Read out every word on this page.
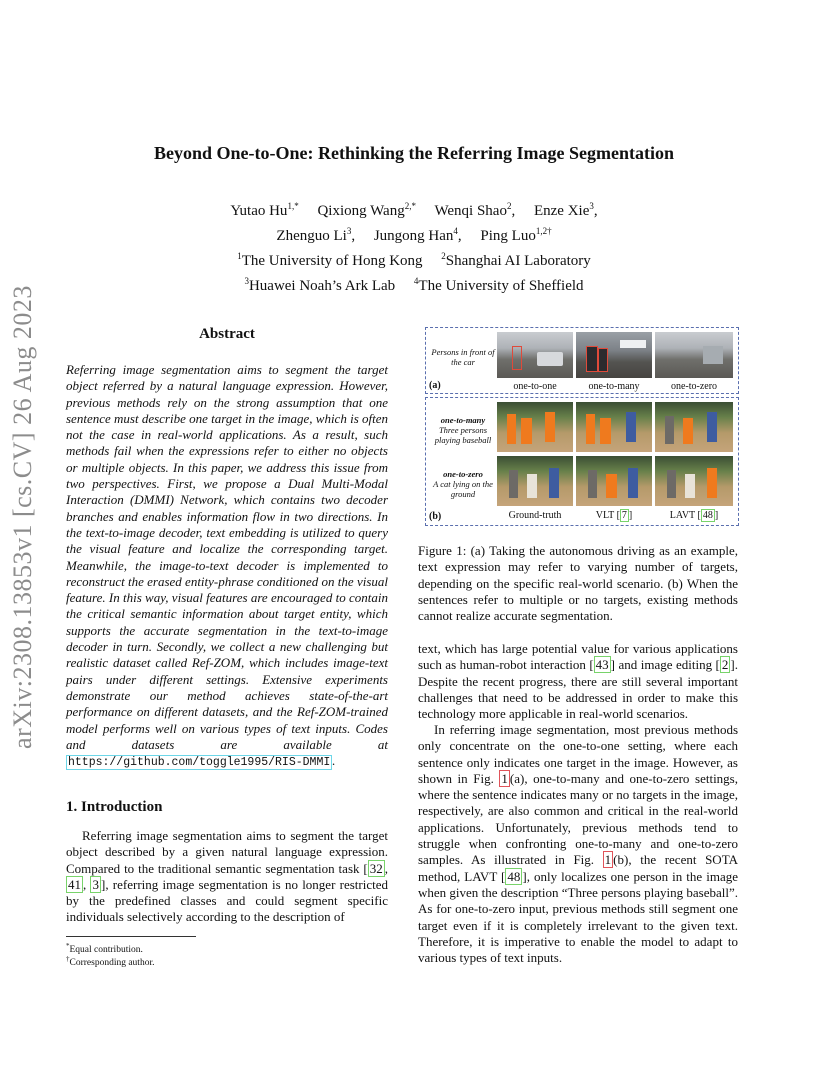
arXiv:2308.13853v1 [cs.CV] 26 Aug 2023
Beyond One-to-One: Rethinking the Referring Image Segmentation
Yutao $Hu^{1,*}$ Qixiong Wang$^{2,*}$ Wenqi Shao$^2$,     Enze Xie$^3$,
Zhenguo Li$^3$,     Jungong Han$^4$,     Ping Luo$^{1,2\dagger}$
$^1$The University of Hong Kong $^2$Shanghai AI Laboratory
$^3$Huawei Noah’s Ark Lab $^4$The University of Sheffield
Abstract
Referring image segmentation aims to segment the target object referred by a natural language expression. However, previous methods rely on the strong assumption that one sentence must describe one target in the image, which is often not the case in real-world applications. As a result, such methods fail when the expressions refer to either no objects or multiple objects. In this paper, we address this issue from two perspectives. First, we propose a Dual Multi-Modal Interaction (DMMI) Network, which contains two decoder branches and enables information flow in two directions. In the text-to-image decoder, text embedding is utilized to query the visual feature and localize the corresponding target. Meanwhile, the image-to-text decoder is implemented to reconstruct the erased entity-phrase conditioned on the visual feature. In this way, visual features are encouraged to contain the critical semantic information about target entity, which supports the accurate segmentation in the text-to-image decoder in turn. Secondly, we collect a new challenging but realistic dataset called Ref-ZOM, which includes image-text pairs under different settings. Extensive experiments demonstrate our method achieves state-of-the-art performance on different datasets, and the Ref-ZOM-trained model performs well on various types of text inputs. Codes and datasets are available at https://github.com/toggle1995/RIS-DMMI .
1. Introduction
Referring image segmentation aims to segment the target object described by a given natural language expression. Compared to the traditional semantic segmentation task [ 32 , 41 , 3 ], referring image segmentation is no longer restricted by the predefined classes and could segment specific individuals selectively according to the description of
*Equal contribution.
†Corresponding author.
Persons in front of the car
(a)	one-to-one	one-to-many	one-to-zero
one-to-many
Three persons playing baseball
one-to-zero
A cat lying on the ground
(b)	Ground-truth	VLT [ 7 ]	LAVT [ 48 ]
Figure 1: (a) Taking the autonomous driving as an example, text expression may refer to varying number of targets, depending on the specific real-world scenario. (b) When the sentences refer to multiple or no targets, existing methods cannot realize accurate segmentation.
text, which has large potential value for various applications such as human-robot interaction [ 43 ] and image editing [ 2 ]. Despite the recent progress, there are still several important challenges that need to be addressed in order to make this technology more applicable in real-world scenarios.
In referring image segmentation, most previous methods only concentrate on the one-to-one setting, where each sentence only indicates one target in the image. However, as shown in Fig. 1 (a), one-to-many and one-to-zero settings, where the sentence indicates many or no targets in the image, respectively, are also common and critical in the real-world applications. Unfortunately, previous methods tend to struggle when confronting one-to-many and one-to-zero samples. As illustrated in Fig. 1 (b), the recent SOTA method, LAVT [ 48 ], only localizes one person in the image when given the description “Three persons playing baseball”. As for one-to-zero input, previous methods still segment one target even if it is completely irrelevant to the given text. Therefore, it is imperative to enable the model to adapt to various types of text inputs.
